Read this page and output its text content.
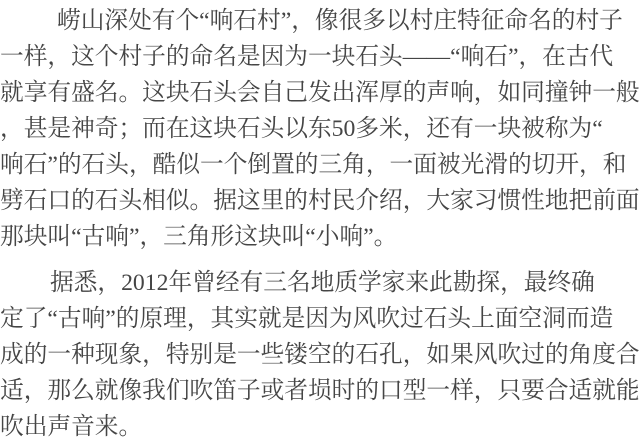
崂山深处有个“响石村”，像很多以村庄特征命名的村子
一样，这个村子的命名是因为一块石头——“响石”，在古代
就享有盛名。这块石头会自己发出浑厚的声响，如同撞钟一般
，甚是神奇；而在这块石头以东50多米，还有一块被称为“
响石”的石头，酷似一个倒置的三角，一面被光滑的切开，和
劈石口的石头相似。据这里的村民介绍，大家习惯性地把前面
那块叫“古响”，三角形这块叫“小响”。

据悉，2012年曾经有三名地质学家来此勘探，最终确
定了“古响”的原理，其实就是因为风吹过石头上面空洞而造
成的一种现象，特别是一些镂空的石孔，如果风吹过的角度合
适，那么就像我们吹笛子或者埙时的口型一样，只要合适就能
吹出声音来。
